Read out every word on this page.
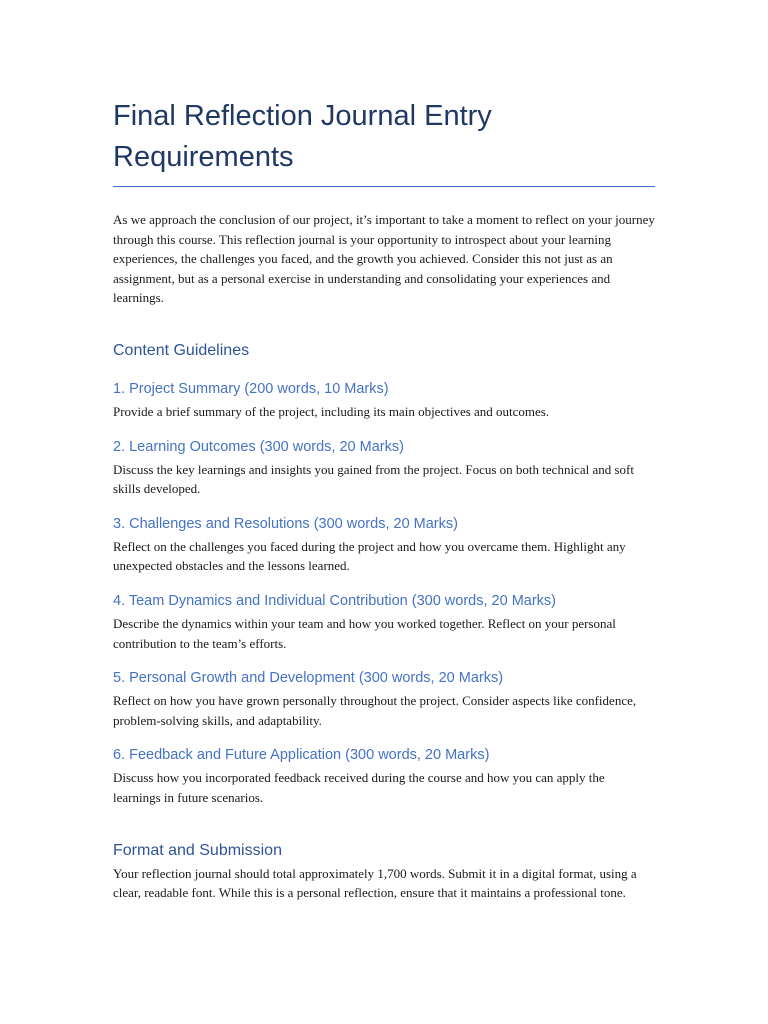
Final Reflection Journal Entry Requirements

As we approach the conclusion of our project, it’s important to take a moment to reflect on your journey through this course. This reflection journal is your opportunity to introspect about your learning experiences, the challenges you faced, and the growth you achieved. Consider this not just as an assignment, but as a personal exercise in understanding and consolidating your experiences and learnings.

Content Guidelines
1. Project Summary (200 words, 10 Marks)

Provide a brief summary of the project, including its main objectives and outcomes.

2. Learning Outcomes (300 words, 20 Marks)

Discuss the key learnings and insights you gained from the project. Focus on both technical and soft skills developed.

3. Challenges and Resolutions (300 words, 20 Marks)

Reflect on the challenges you faced during the project and how you overcame them. Highlight any unexpected obstacles and the lessons learned.

4. Team Dynamics and Individual Contribution (300 words, 20 Marks)

Describe the dynamics within your team and how you worked together. Reflect on your personal contribution to the team’s efforts.

5. Personal Growth and Development (300 words, 20 Marks)

Reflect on how you have grown personally throughout the project. Consider aspects like confidence, problem-solving skills, and adaptability.

6. Feedback and Future Application (300 words, 20 Marks)

Discuss how you incorporated feedback received during the course and how you can apply the learnings in future scenarios.

Format and Submission

Your reflection journal should total approximately 1,700 words. Submit it in a digital format, using a clear, readable font. While this is a personal reflection, ensure that it maintains a professional tone.
